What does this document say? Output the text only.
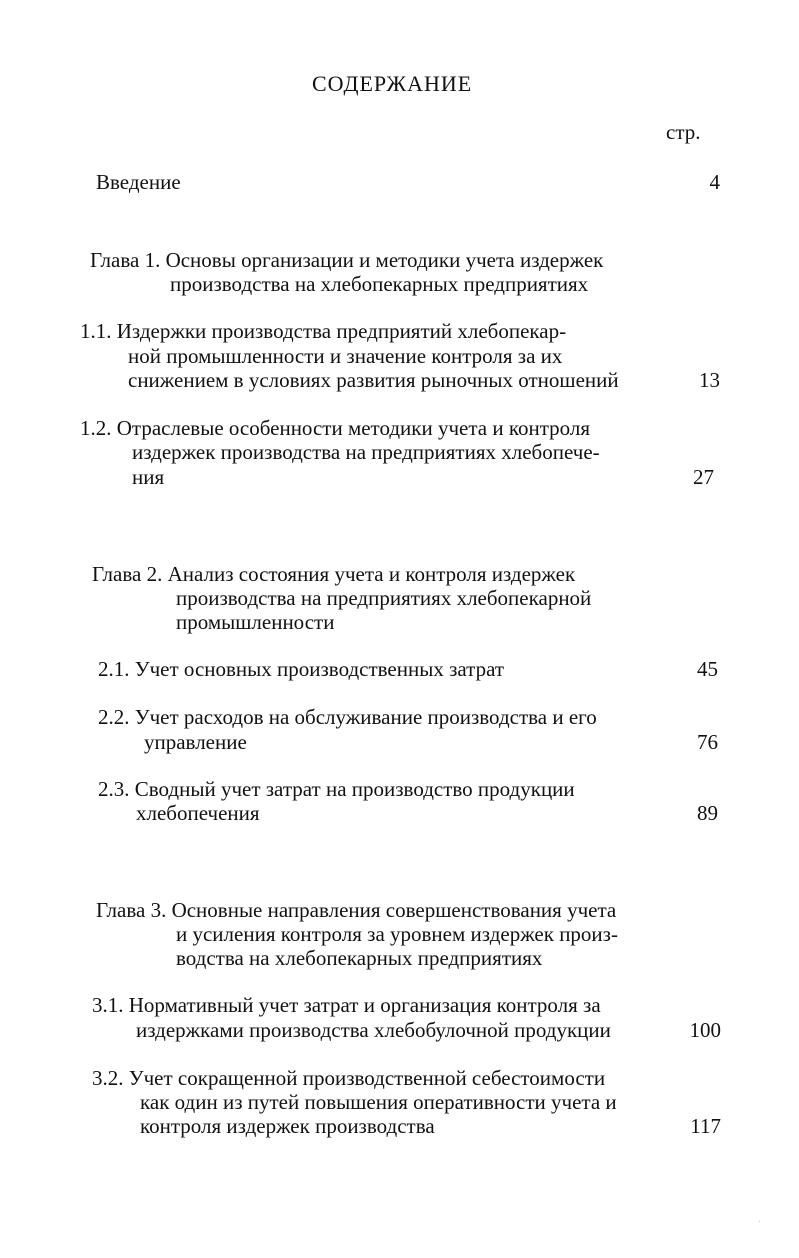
СОДЕРЖАНИЕ
стр.
Введение	4
Глава 1. Основы организации и методики учета издержек
производства на хлебопекарных предприятиях
1.1. Издержки производства предприятий хлебопекар-
ной промышленности и значение контроля за их
снижением в условиях развития рыночных отношений	13
1.2. Отраслевые особенности методики учета и контроля
издержек производства на предприятиях хлебопече-
ния	27
Глава 2. Анализ состояния учета и контроля издержек
производства на предприятиях хлебопекарной
промышленности
2.1. Учет основных производственных затрат	45
2.2. Учет расходов на обслуживание производства и его
управление	76
2.3. Сводный учет затрат на производство продукции
хлебопечения	89
Глава 3. Основные направления совершенствования учета
и усиления контроля за уровнем издержек произ-
водства на хлебопекарных предприятиях
3.1. Нормативный учет затрат и организация контроля за
издержками производства хлебобулочной продукции	100
3.2. Учет сокращенной производственной себестоимости
как один из путей повышения оперативности учета и
контроля издержек производства	117
·
